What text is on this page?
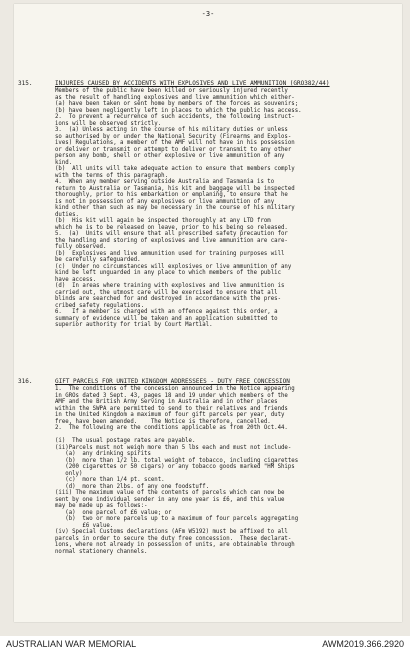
-3-
315.	INJURIES CAUSED BY ACCIDENTS WITH EXPLOSIVES AND LIVE AMMUNITION (GRO382/44)
Members of the public have been killed or seriously injured recently
as the result of handling explosives and live ammunition which either-
(a) have been taken or sent home by members of the forces as souvenirs;
(b) have been negligently left in places to which the public has access.
2.  To prevent a recurrence of such accidents, the following instruct-
ions will be observed strictly.
3.  (a) Unless acting in the course of his military duties or unless
so authorised by or under the National Security (Firearms and Explos-
ives) Regulations, a member of the AMF will not have in his possession
or deliver or transmit or attempt to deliver or transmit to any other
person any bomb, shell or other explosive or live ammunition of any
kind.
(b)  All units will take adequate action to ensure that members comply
with the terms of this paragraph.
4.  When any member serving outside Australia and Tasmania is to
return to Australia or Tasmania, his kit and baggage will be inspected
thoroughly, prior to his embarkation or emplaning, to ensure that he
is not in possession of any explosives or live ammunition of any
kind other than such as may be necessary in the course of his military
duties.
(b)  His kit will again be inspected thoroughly at any LTD from
which he is to be released on leave, prior to his being so released.
5.  (a)  Units will ensure that all prescribed safety precaution for
the handling and storing of explosives and live ammunition are care-
fully observed.
(b)  Explosives and live ammunition used for training purposes will
be carefully safeguarded.
(c)  Under no circumstances will explosives or live ammunition of any
kind be left unguarded in any place to which members of the public
have access.
(d)  In areas where training with explosives and live ammunition is
carried out, the utmost care will be exercised to ensure that all
blinds are searched for and destroyed in accordance with the pres-
cribed safety regulations.
6.   If a member is charged with an offence against this order, a
summary of evidence will be taken and an application submitted to
superior authority for trial by Court Martial.
316.	GIFT PARCELS FOR UNITED KINGDOM ADDRESSEES - DUTY FREE CONCESSION
1.  The conditions of the concession announced in the Notice appearing
in GROs dated 3 Sept. 43, pages 18 and 19 under which members of the
AMF and the British Army Serving in Australia and in other places
within the SWPA are permitted to send to their relatives and friends
in the United Kingdom a maximum of four gift parcels per year, duty
free, have been amended.    The Notice is therefore, cancelled.
2.  The following are the conditions applicable as from 20th Oct.44.

(i)  The usual postage rates are payable.
(ii)Parcels must not weigh more than 5 lbs each and must not include-
(a)  any drinking spirits
(b)  more than 1/2 lb. total weight of tobacco, including cigarettes
(200 cigarettes or 50 cigars) or any tobacco goods marked "HM Ships
only)
(c)  more than 1/4 pt. scent.
(d)  more than 2lbs. of any one foodstuff.
(iii) The maximum value of the contents of parcels which can now be
sent by one individual sender in any one year is £6, and this value
may be made up as follows:-
(a)  one parcel of £6 value; or
(b)  two or more parcels up to a maximum of four parcels aggregating
£6 value.
(iv) Special Customs declarations (AFm W5192) must be affixed to all
parcels in order to secure the duty free concession.  These declarat-
ions, where not already in possession of units, are obtainable through
normal stationery channels.
AUSTRALIAN WAR MEMORIAL	AWM2019.366.2920
